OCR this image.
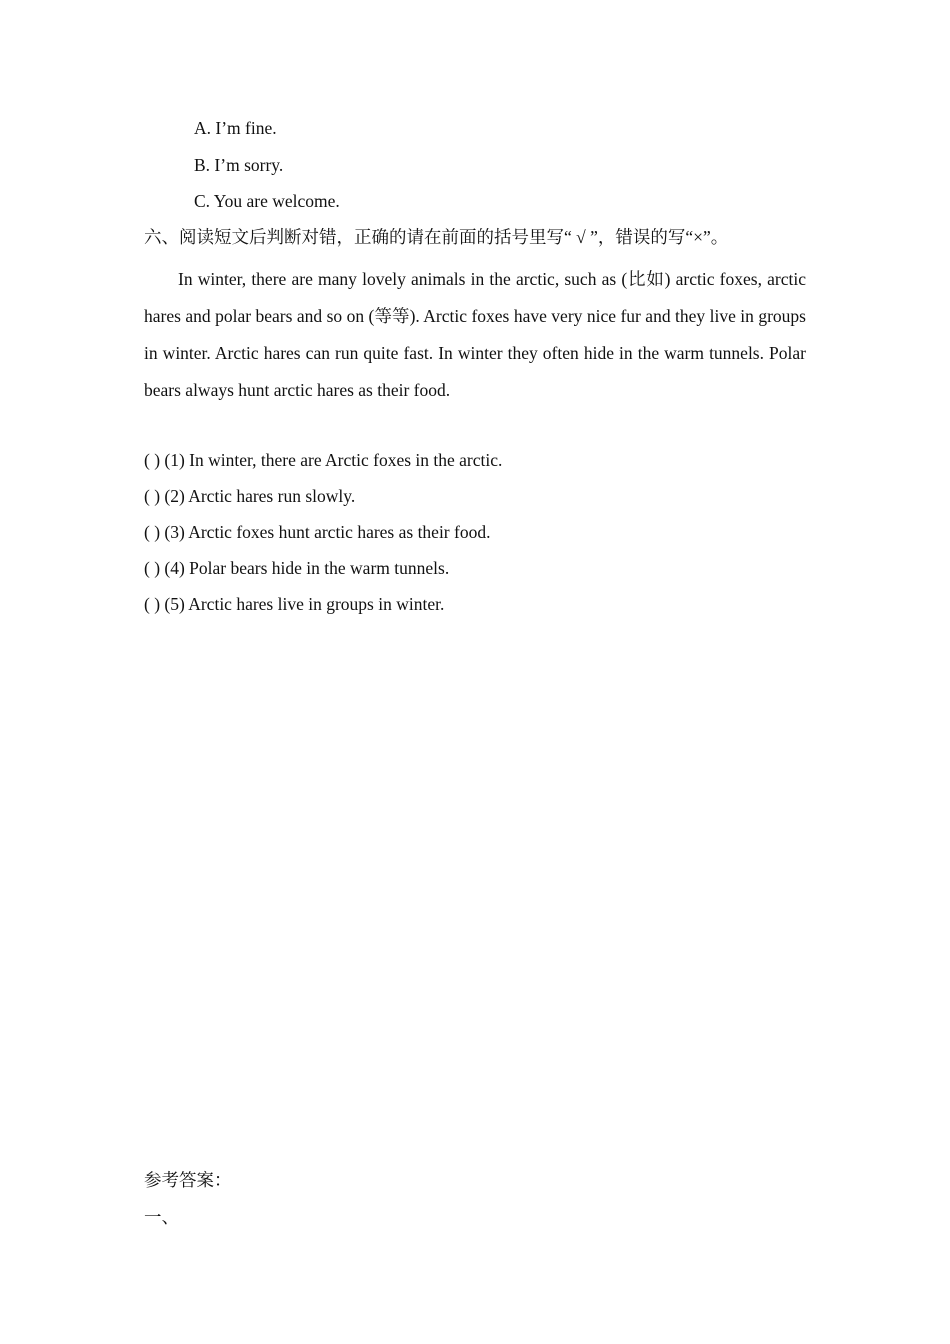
A. I’m fine.
B. I’m sorry.
C. You are welcome.
六、阅读短文后判断对错，正确的请在前面的括号里写“ √ ”，错误的写“×”。

In winter, there are many lovely animals in the arctic, such as (比如) arctic foxes, arctic hares and polar bears and so on (等等). Arctic foxes have very nice fur and they live in groups in winter. Arctic hares can run quite fast. In winter they often hide in the warm tunnels. Polar bears always hunt arctic hares as their food.

( ) (1) In winter, there are Arctic foxes in the arctic.
( ) (2) Arctic hares run slowly.
( ) (3) Arctic foxes hunt arctic hares as their food.
( ) (4) Polar bears hide in the warm tunnels.
( ) (5) Arctic hares live in groups in winter.
参考答案：
一、
